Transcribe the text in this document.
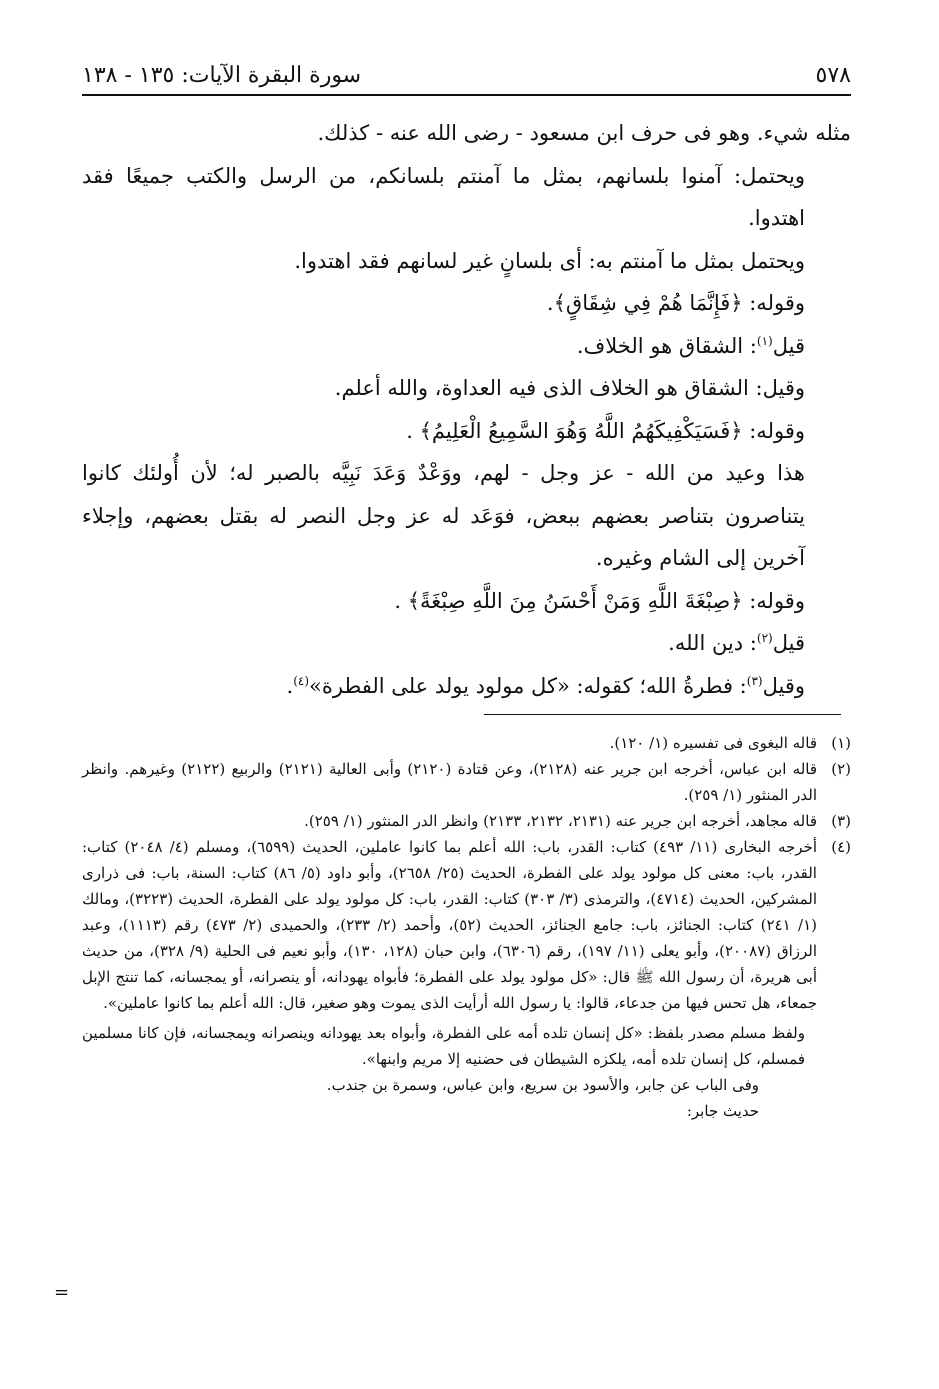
٥٧٨
سورة البقرة الآيات: ١٣٥ - ١٣٨

مثله شيء. وهو فى حرف ابن مسعود - رضى الله عنه - كذلك.

ويحتمل: آمنوا بلسانهم، بمثل ما آمنتم بلسانكم، من الرسل والكتب جميعًا فقد اهتدوا.

ويحتمل بمثل ما آمنتم به: أى بلسانٍ غير لسانهم فقد اهتدوا.

وقوله: ﴿فَإِنَّمَا هُمْ فِي شِقَاقٍ﴾.

قيل$^{(١)}$: الشقاق هو الخلاف.

وقيل: الشقاق هو الخلاف الذى فيه العداوة، والله أعلم.

وقوله: ﴿فَسَيَكْفِيكَهُمُ اللَّهُ وَهُوَ السَّمِيعُ الْعَلِيمُ﴾ .

هذا وعيد من الله - عز وجل - لهم، ووَعْدٌ وَعَدَ نَبِيَّه بالصبر له؛ لأن أُولئك كانوا يتناصرون بتناصر بعضهم ببعض، فوَعَد له عز وجل النصر له بقتل بعضهم، وإجلاء آخرين إلى الشام وغيره.

وقوله: ﴿صِبْغَةَ اللَّهِ وَمَنْ أَحْسَنُ مِنَ اللَّهِ صِبْغَةً﴾ .

قيل$^{(٢)}$: دين الله.

وقيل$^{(٣)}$: فطرةُ الله؛ كقوله: «كل مولود يولد على الفطرة»$^{(٤)}$.

(١)
قاله البغوى فى تفسيره (١/ ١٢٠).
(٢)
قاله ابن عباس، أخرجه ابن جرير عنه (٢١٢٨)، وعن قتادة (٢١٢٠) وأبى العالية (٢١٢١) والربيع (٢١٢٢) وغيرهم. وانظر الدر المنثور (١/ ٢٥٩).
(٣)
قاله مجاهد، أخرجه ابن جرير عنه (٢١٣١، ٢١٣٢، ٢١٣٣) وانظر الدر المنثور (١/ ٢٥٩).
(٤)
أخرجه البخارى (١١/ ٤٩٣) كتاب: القدر، باب: الله أعلم بما كانوا عاملين، الحديث (٦٥٩٩)، ومسلم (٤/ ٢٠٤٨) كتاب: القدر، باب: معنى كل مولود يولد على الفطرة، الحديث (٢٥/ ٢٦٥٨)، وأبو داود (٥/ ٨٦) كتاب: السنة، باب: فى ذرارى المشركين، الحديث (٤٧١٤)، والترمذى (٣/ ٣٠٣) كتاب: القدر، باب: كل مولود يولد على الفطرة، الحديث (٣٢٢٣)، ومالك (١/ ٢٤١) كتاب: الجنائز، باب: جامع الجنائز، الحديث (٥٢)، وأحمد (٢/ ٢٣٣)، والحميدى (٢/ ٤٧٣) رقم (١١١٣)، وعبد الرزاق (٢٠٠٨٧)، وأبو يعلى (١١/ ١٩٧)، رقم (٦٣٠٦)، وابن حبان (١٢٨، ١٣٠)، وأبو نعيم فى الحلية (٩/ ٣٢٨)، من حديث أبى هريرة، أن رسول الله ﷺ قال: «كل مولود يولد على الفطرة؛ فأبواه يهودانه، أو ينصرانه، أو يمجسانه، كما تنتج الإبل جمعاء، هل تحس فيها من جدعاء، قالوا: يا رسول الله أرأيت الذى يموت وهو صغير، قال: الله أعلم بما كانوا عاملين».

ولفظ مسلم مصدر بلفظ: «كل إنسان تلده أمه على الفطرة، وأبواه بعد يهودانه وينصرانه ويمجسانه، فإن كانا مسلمين فمسلم، كل إنسان تلده أمه، يلكزه الشيطان فى حضنيه إلا مريم وابنها».

وفى الباب عن جابر، والأسود بن سريع، وابن عباس، وسمرة بن جندب.

حديث جابر:

=
